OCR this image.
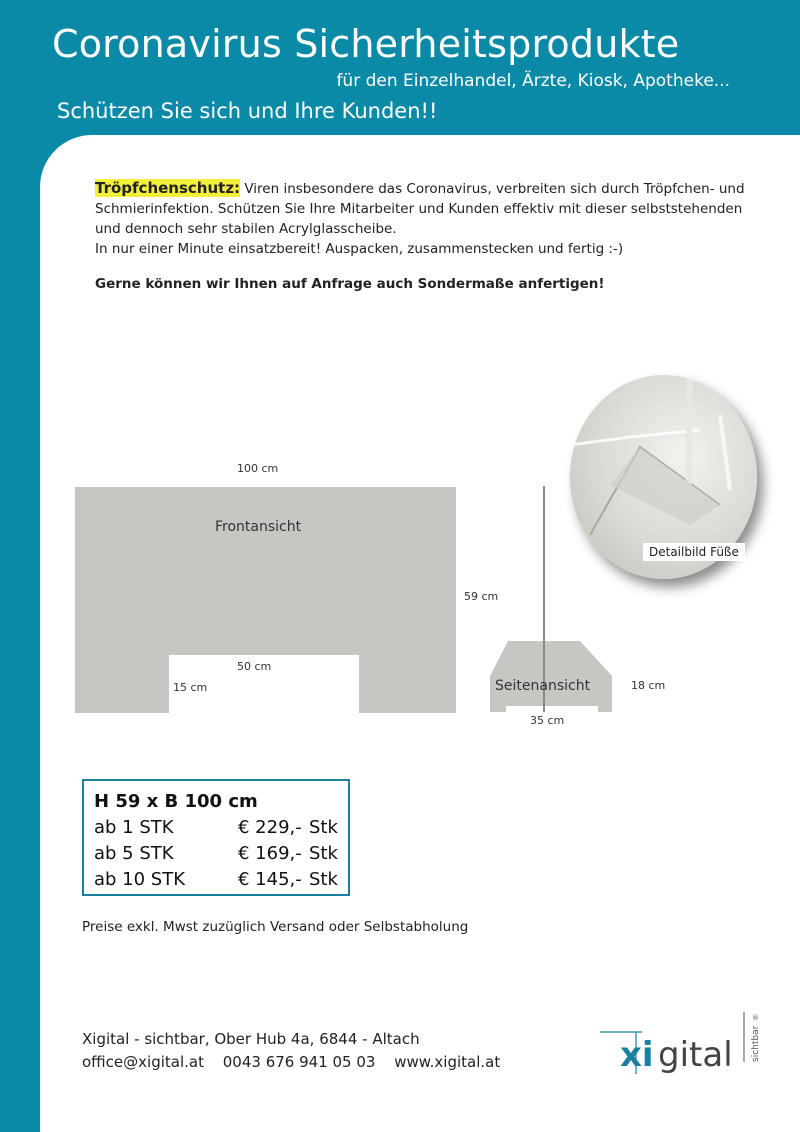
Coronavirus Sicherheitsprodukte
für den Einzelhandel, Ärzte, Kiosk, Apotheke...
Schützen Sie sich und Ihre Kunden!!

Tröpfchenschutz: Viren insbesondere das Coronavirus, verbreiten sich durch Tröpfchen- und Schmierinfektion. Schützen Sie Ihre Mitarbeiter und Kunden effektiv mit dieser selbststehenden und dennoch sehr stabilen Acrylglasscheibe.

In nur einer Minute einsatzbereit! Auspacken, zusammenstecken und fertig :-)

Gerne können wir Ihnen auf Anfrage auch Sondermaße anfertigen!
100 cm
Frontansicht
50 cm
15 cm
59 cm
Seitenansicht	18 cm
35 cm
Detailbild Füße
H 59 x B 100 cm
ab 1 STK	€ 229,- Stk
ab 5 STK	€ 169,- Stk
ab 10 STK	€ 145,- Stk
Preise exkl. Mwst zuzüglich Versand oder Selbstabholung
Xigital - sichtbar, Ober Hub 4a, 6844 - Altach
office@xigital.at 0043 676 941 05 03 www.xigital.at	xi gital sichtbar
®
